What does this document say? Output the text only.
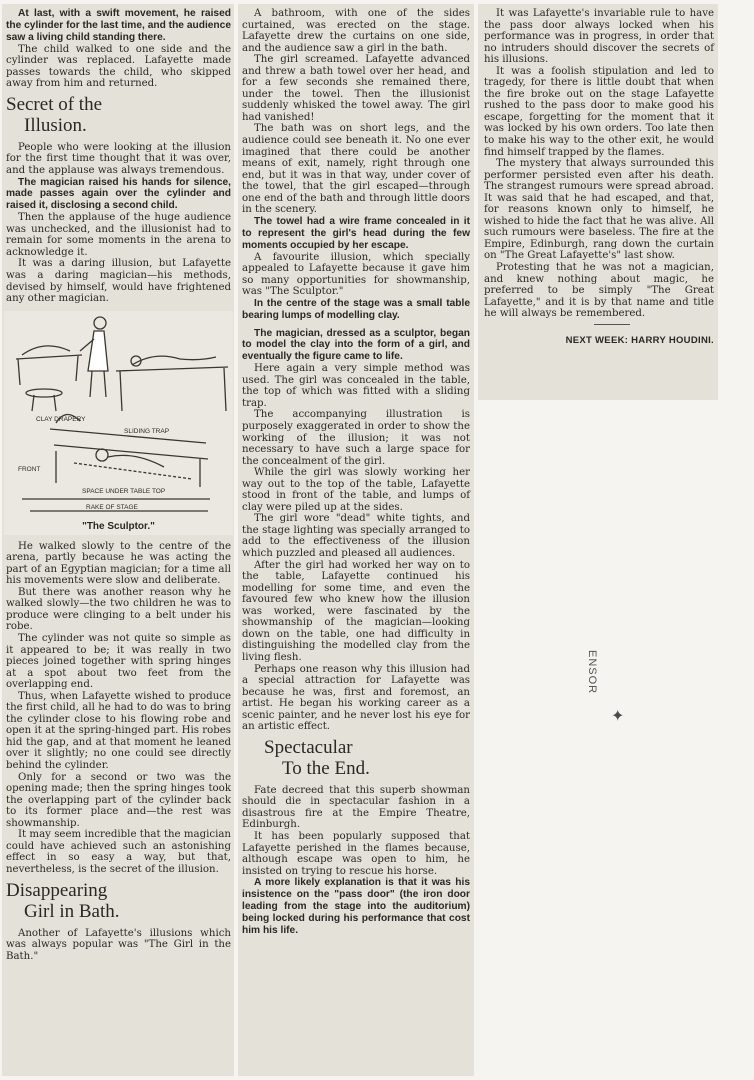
At last, with a swift movement, he raised the cylinder for the last time, and the audience saw a living child standing there.

The child walked to one side and the cylinder was replaced. Lafayette made passes towards the child, who skipped away from him and returned.

Secret of the
Illusion.

People who were looking at the illusion for the first time thought that it was over, and the applause was always tremendous.

The magician raised his hands for silence, made passes again over the cylinder and raised it, disclosing a second child.

Then the applause of the huge audience was unchecked, and the illusionist had to remain for some moments in the arena to acknowledge it.

It was a daring illusion, but Lafayette was a daring magician—his methods, devised by himself, would have frightened any other magician.

CLAY DRAPERY
SLIDING TRAP
FRONT
SPACE UNDER TABLE TOP
RAKE OF STAGE
"The Sculptor."

He walked slowly to the centre of the arena, partly because he was acting the part of an Egyptian magician; for a time all his movements were slow and deliberate.

But there was another reason why he walked slowly—the two children he was to produce were clinging to a belt under his robe.

The cylinder was not quite so simple as it appeared to be; it was really in two pieces joined together with spring hinges at a spot about two feet from the overlapping end.

Thus, when Lafayette wished to produce the first child, all he had to do was to bring the cylinder close to his flowing robe and open it at the spring-hinged part. His robes hid the gap, and at that moment he leaned over it slightly; no one could see directly behind the cylinder.

Only for a second or two was the opening made; then the spring hinges took the overlapping part of the cylinder back to its former place and—the rest was showmanship.

It may seem incredible that the magician could have achieved such an astonishing effect in so easy a way, but that, nevertheless, is the secret of the illusion.

Disappearing
Girl in Bath.

Another of Lafayette's illusions which was always popular was "The Girl in the Bath."

A bathroom, with one of the sides curtained, was erected on the stage. Lafayette drew the curtains on one side, and the audience saw a girl in the bath.

The girl screamed. Lafayette advanced and threw a bath towel over her head, and for a few seconds she remained there, under the towel. Then the illusionist suddenly whisked the towel away. The girl had vanished!

The bath was on short legs, and the audience could see beneath it. No one ever imagined that there could be another means of exit, namely, right through one end, but it was in that way, under cover of the towel, that the girl escaped—through one end of the bath and through little doors in the scenery.

The towel had a wire frame concealed in it to represent the girl's head during the few moments occupied by her escape.

A favourite illusion, which specially appealed to Lafayette because it gave him so many opportunities for showmanship, was "The Sculptor."

In the centre of the stage was a small table bearing lumps of modelling clay.

The magician, dressed as a sculptor, began to model the clay into the form of a girl, and eventually the figure came to life.

Here again a very simple method was used. The girl was concealed in the table, the top of which was fitted with a sliding trap.

The accompanying illustration is purposely exaggerated in order to show the working of the illusion; it was not necessary to have such a large space for the concealment of the girl.

While the girl was slowly working her way out to the top of the table, Lafayette stood in front of the table, and lumps of clay were piled up at the sides.

The girl wore "dead" white tights, and the stage lighting was specially arranged to add to the effectiveness of the illusion which puzzled and pleased all audiences.

After the girl had worked her way on to the table, Lafayette continued his modelling for some time, and even the favoured few who knew how the illusion was worked, were fascinated by the showmanship of the magician—looking down on the table, one had difficulty in distinguishing the modelled clay from the living flesh.

Perhaps one reason why this illusion had a special attraction for Lafayette was because he was, first and foremost, an artist. He began his working career as a scenic painter, and he never lost his eye for an artistic effect.

Spectacular
To the End.

Fate decreed that this superb showman should die in spectacular fashion in a disastrous fire at the Empire Theatre, Edinburgh.

It has been popularly supposed that Lafayette perished in the flames because, although escape was open to him, he insisted on trying to rescue his horse.

A more likely explanation is that it was his insistence on the "pass door" (the iron door leading from the stage into the auditorium) being locked during his performance that cost him his life.

It was Lafayette's invariable rule to have the pass door always locked when his performance was in progress, in order that no intruders should discover the secrets of his illusions.

It was a foolish stipulation and led to tragedy, for there is little doubt that when the fire broke out on the stage Lafayette rushed to the pass door to make good his escape, forgetting for the moment that it was locked by his own orders. Too late then to make his way to the other exit, he would find himself trapped by the flames.

The mystery that always surrounded this performer persisted even after his death. The strangest rumours were spread abroad. It was said that he had escaped, and that, for reasons known only to himself, he wished to hide the fact that he was alive. All such rumours were baseless. The fire at the Empire, Edinburgh, rang down the curtain on "The Great Lafayette's" last show.

Protesting that he was not a magician, and knew nothing about magic, he preferred to be simply "The Great Lafayette," and it is by that name and title he will always be remembered.

NEXT WEEK: HARRY HOUDINI.
ENSOR
✦
